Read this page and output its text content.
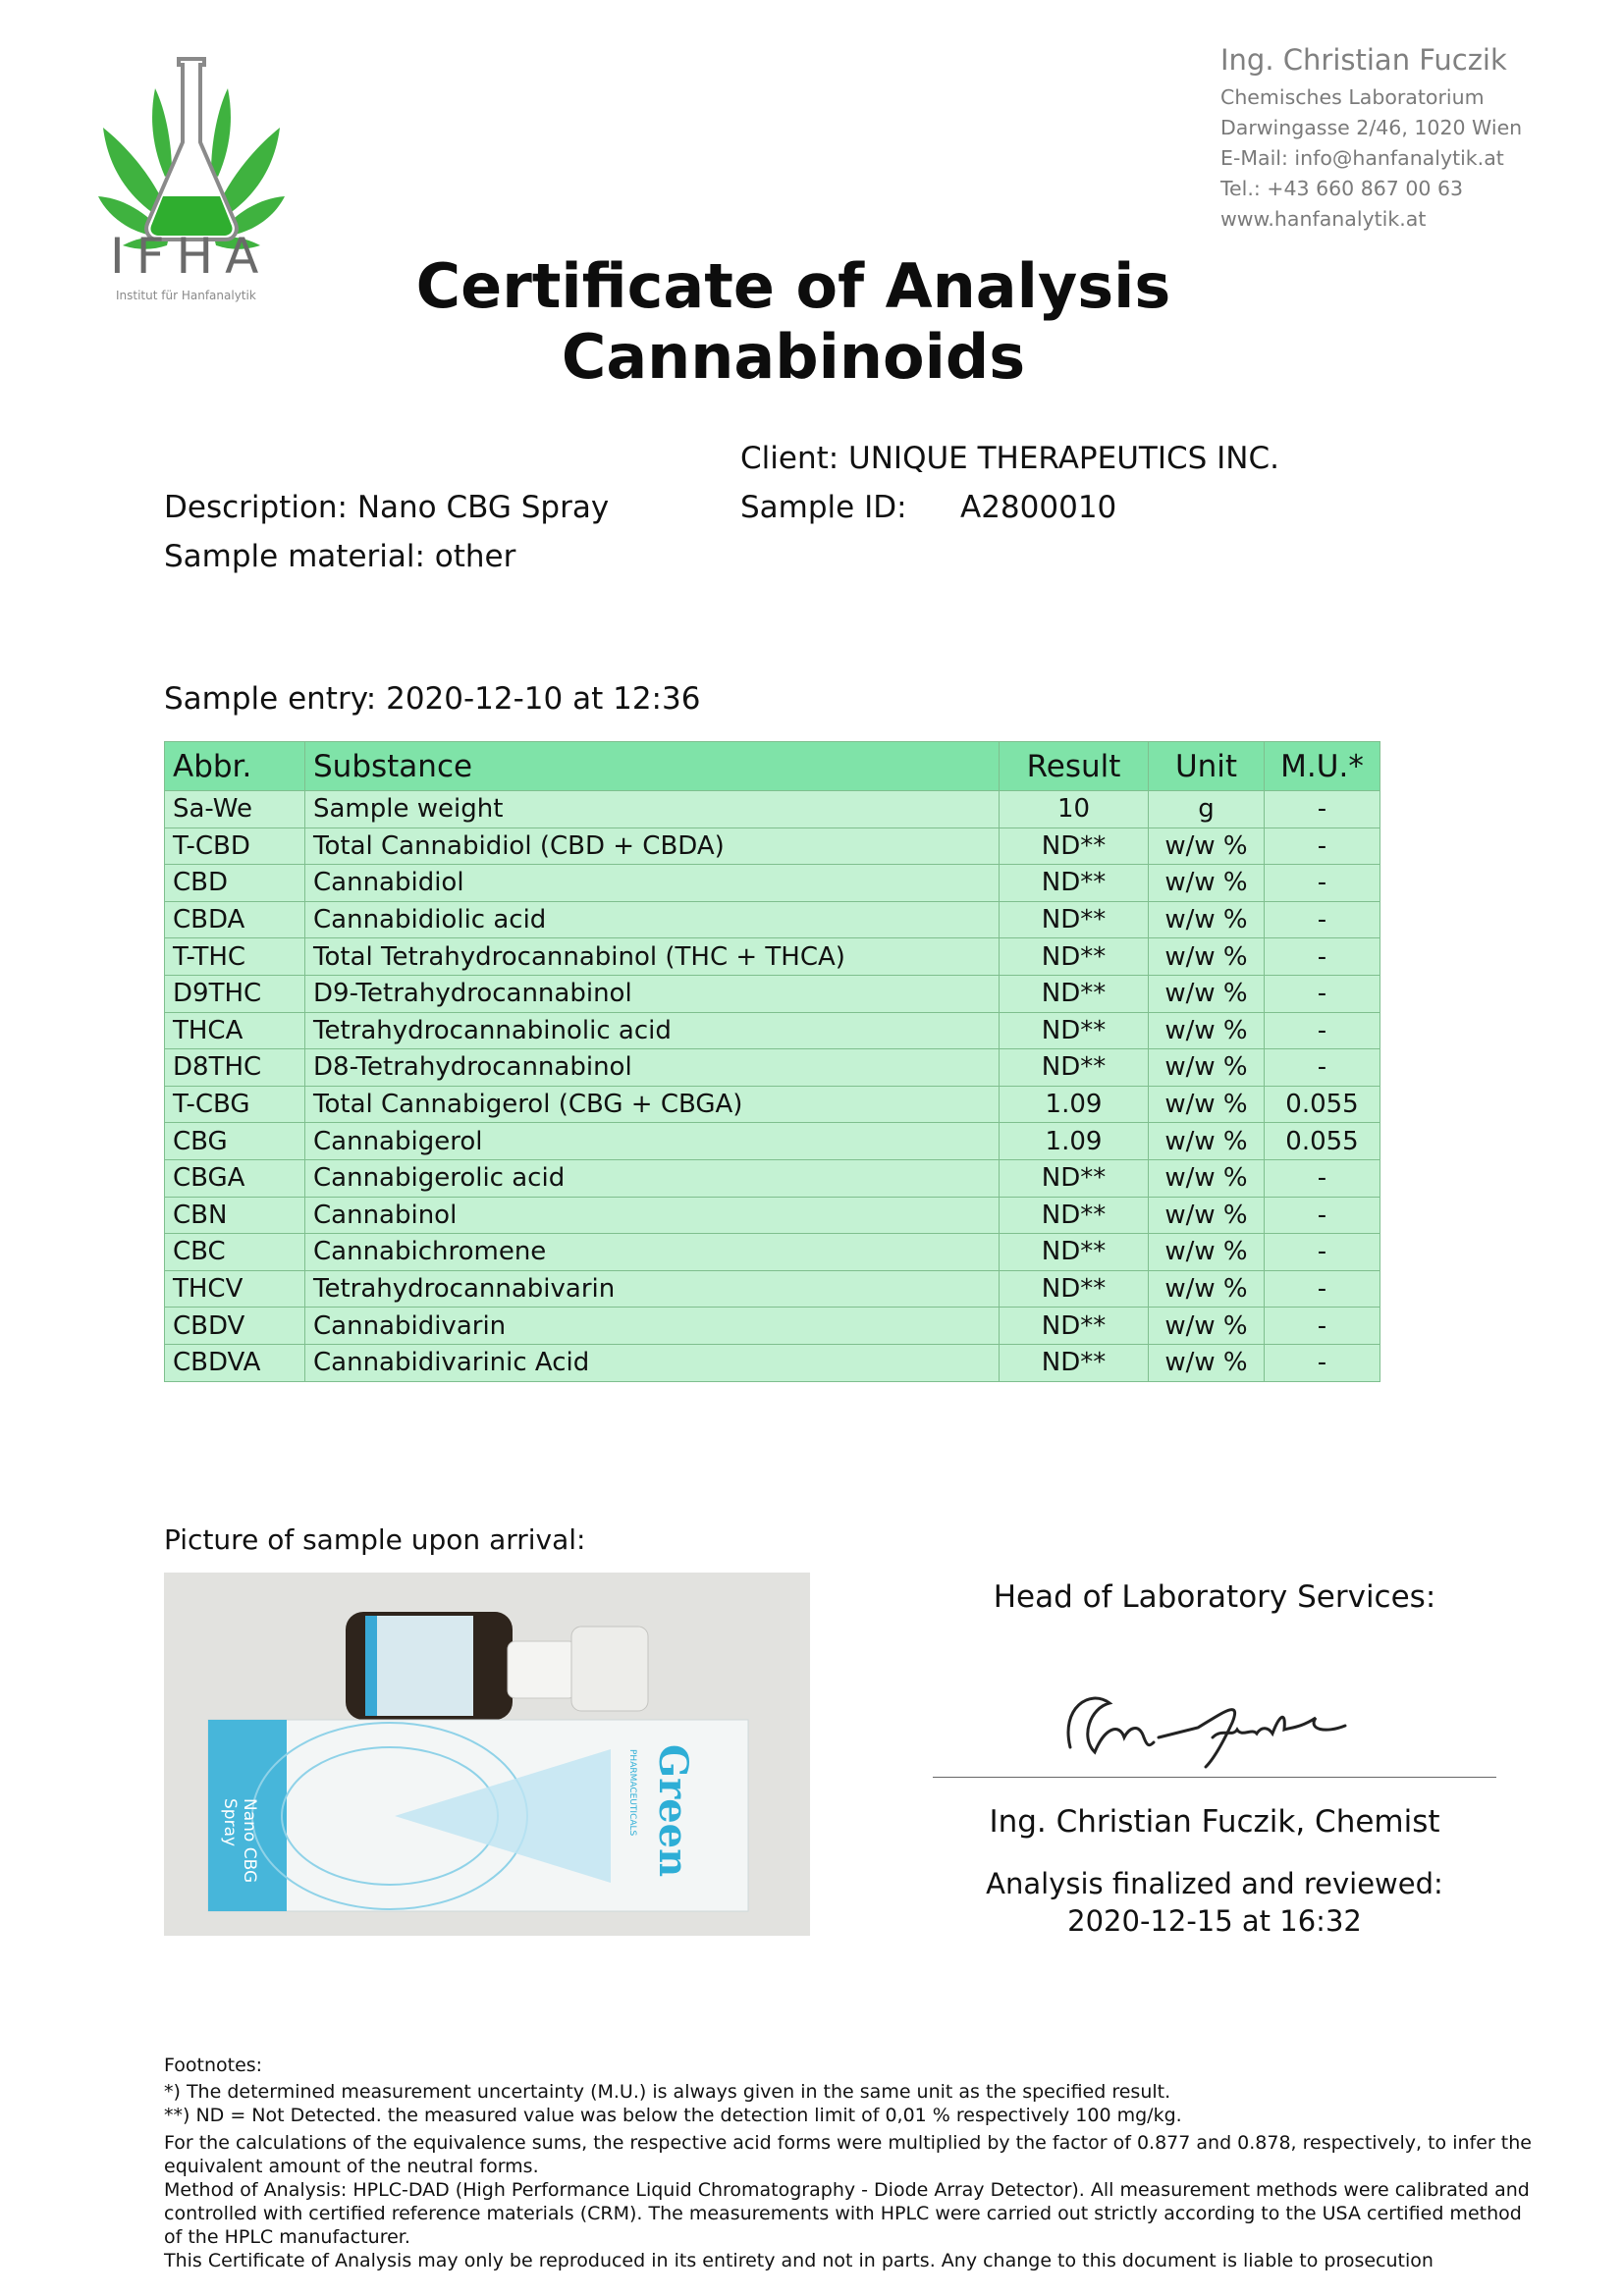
IFHA
Institut für Hanfanalytik
Ing. Christian Fuczik
Chemisches Laboratorium
Darwingasse 2/46, 1020 Wien
E-Mail: info@hanfanalytik.at
Tel.: +43 660 867 00 63
www.hanfanalytik.at
Certificate of Analysis
Cannabinoids
Client: UNIQUE THERAPEUTICS INC.
Description: Nano CBG Spray	Sample ID: A2800010
Sample material: other
Sample entry: 2020-12-10 at 12:36
Abbr.	Substance	Result	Unit	M.U.*
Sa-We	Sample weight	10	g	-
T-CBD	Total Cannabidiol (CBD + CBDA)	ND**	w/w %	-
CBD	Cannabidiol	ND**	w/w %	-
CBDA	Cannabidiolic acid	ND**	w/w %	-
T-THC	Total Tetrahydrocannabinol (THC + THCA)	ND**	w/w %	-
D9THC	D9-Tetrahydrocannabinol	ND**	w/w %	-
THCA	Tetrahydrocannabinolic acid	ND**	w/w %	-
D8THC	D8-Tetrahydrocannabinol	ND**	w/w %	-
T-CBG	Total Cannabigerol (CBG + CBGA)	1.09	w/w %	0.055
CBG	Cannabigerol	1.09	w/w %	0.055
CBGA	Cannabigerolic acid	ND**	w/w %	-
CBN	Cannabinol	ND**	w/w %	-
CBC	Cannabichromene	ND**	w/w %	-
THCV	Tetrahydrocannabivarin	ND**	w/w %	-
CBDV	Cannabidivarin	ND**	w/w %	-
CBDVA	Cannabidivarinic Acid	ND**	w/w %	-
Picture of sample upon arrival:
Nano CBG
Spray	Green
PHARMACEUTICALS
Head of Laboratory Services:
Ing. Christian Fuczik, Chemist
Analysis finalized and reviewed:
2020-12-15 at 16:32

Footnotes:

*) The determined measurement uncertainty (M.U.) is always given in the same unit as the specified result.

**) ND = Not Detected. the measured value was below the detection limit of 0,01 % respectively 100 mg/kg.

For the calculations of the equivalence sums, the respective acid forms were multiplied by the factor of 0.877 and 0.878, respectively, to infer the equivalent amount of the neutral forms.

Method of Analysis: HPLC-DAD (High Performance Liquid Chromatography - Diode Array Detector). All measurement methods were calibrated and controlled with certified reference materials (CRM). The measurements with HPLC were carried out strictly according to the USA certified method of the HPLC manufacturer.

This Certificate of Analysis may only be reproduced in its entirety and not in parts. Any change to this document is liable to prosecution
